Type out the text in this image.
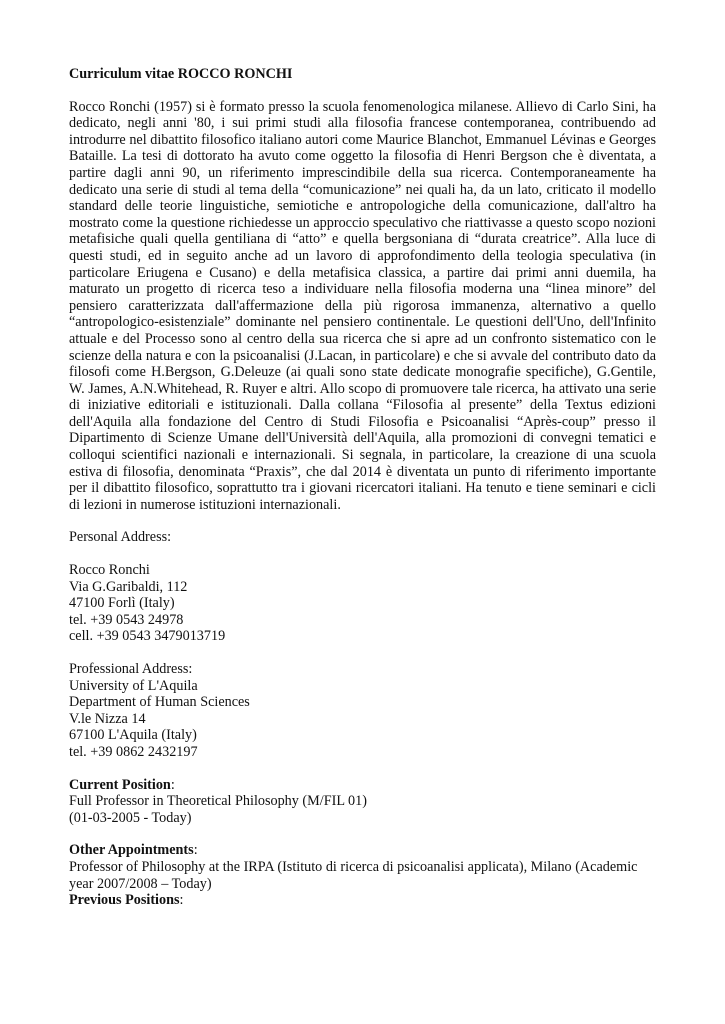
Curriculum vitae ROCCO RONCHI

Rocco Ronchi (1957) si è formato presso la scuola fenomenologica milanese. Allievo di Carlo Sini, ha dedicato, negli anni '80, i sui primi studi alla filosofia francese contemporanea, contribuendo ad introdurre nel dibattito filosofico italiano autori come Maurice Blanchot, Emmanuel Lévinas e Georges Bataille. La tesi di dottorato ha avuto come oggetto la filosofia di Henri Bergson che è diventata, a partire dagli anni 90, un riferimento imprescindibile della sua ricerca. Contemporaneamente ha dedicato una serie di studi al tema della “comunicazione” nei quali ha, da un lato, criticato il modello standard delle teorie linguistiche, semiotiche e antropologiche della comunicazione, dall'altro ha mostrato come la questione richiedesse un approccio speculativo che riattivasse a questo scopo nozioni metafisiche quali quella gentiliana di “atto” e quella bergsoniana di “durata creatrice”. Alla luce di questi studi, ed in seguito anche ad un lavoro di approfondimento della teologia speculativa (in particolare Eriugena e Cusano) e della metafisica classica, a partire dai primi anni duemila, ha maturato un progetto di ricerca teso a individuare nella filosofia moderna una “linea minore” del pensiero caratterizzata dall'affermazione della più rigorosa immanenza, alternativo a quello “antropologico-esistenziale” dominante nel pensiero continentale. Le questioni dell'Uno, dell'Infinito attuale e del Processo sono al centro della sua ricerca che si apre ad un confronto sistematico con le scienze della natura e con la psicoanalisi (J.Lacan, in particolare) e che si avvale del contributo dato da filosofi come H.Bergson, G.Deleuze (ai quali sono state dedicate monografie specifiche), G.Gentile, W. James, A.N.Whitehead, R. Ruyer e altri. Allo scopo di promuovere tale ricerca, ha attivato una serie di iniziative editoriali e istituzionali. Dalla collana “Filosofia al presente” della Textus edizioni dell'Aquila alla fondazione del Centro di Studi Filosofia e Psicoanalisi “Après-coup” presso il Dipartimento di Scienze Umane dell'Università dell'Aquila, alla promozioni di convegni tematici e colloqui scientifici nazionali e internazionali. Si segnala, in particolare, la creazione di una scuola estiva di filosofia, denominata “Praxis”, che dal 2014 è diventata un punto di riferimento importante per il dibattito filosofico, soprattutto tra i giovani ricercatori italiani. Ha tenuto e tiene seminari e cicli di lezioni in numerose istituzioni internazionali.

Personal Address:
Rocco Ronchi
Via G.Garibaldi, 112
47100 Forlì (Italy)
tel. +39 0543 24978
cell. +39 0543 3479013719
Professional Address:
University of L'Aquila
Department of Human Sciences
V.le Nizza 14
67100 L'Aquila (Italy)
tel. +39 0862 2432197
Current Position:
Full Professor in Theoretical Philosophy (M/FIL 01)
(01-03-2005 - Today)
Other Appointments:
Professor of Philosophy at the IRPA (Istituto di ricerca di psicoanalisi applicata), Milano (Academic year 2007/2008 – Today)
Previous Positions:
